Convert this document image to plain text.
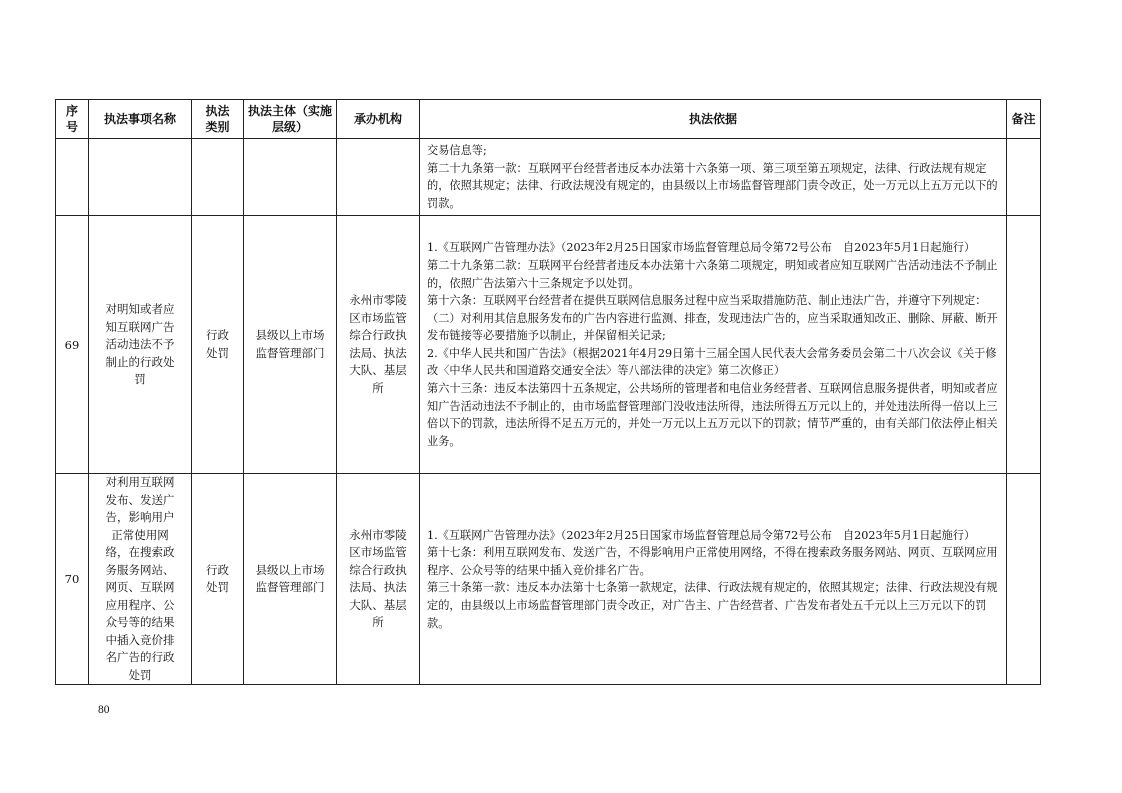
序号	执法事项名称	执法类别	执法主体（实施层级）	承办机构	执法依据	备注

					交易信息等;

第二十九条第一款：互联网平台经营者违反本办法第十六条第一项、第三项至第五项规定，法律、行政法规有规定的，依照其规定；法律、行政法规没有规定的，由县级以上市场监督管理部门责令改正，处一万元以上五万元以下的罚款。	

69	对明知或者应知互联网广告活动违法不予制止的行政处罚	行政处罚	县级以上市场监督管理部门	永州市零陵区市场监管综合行政执法局、执法大队、基层所	1.《互联网广告管理办法》（2023年2月25日国家市场监督管理总局令第72号公布　自2023年5月1日起施行）

第二十九条第二款：互联网平台经营者违反本办法第十六条第二项规定，明知或者应知互联网广告活动违法不予制止的，依照广告法第六十三条规定予以处罚。

第十六条：互联网平台经营者在提供互联网信息服务过程中应当采取措施防范、制止违法广告，并遵守下列规定：（二）对利用其信息服务发布的广告内容进行监测、排查，发现违法广告的，应当采取通知改正、删除、屏蔽、断开发布链接等必要措施予以制止，并保留相关记录;

2.《中华人民共和国广告法》（根据2021年4月29日第十三届全国人民代表大会常务委员会第二十八次会议《关于修改〈中华人民共和国道路交通安全法〉等八部法律的决定》第二次修正）

第六十三条：违反本法第四十五条规定，公共场所的管理者和电信业务经营者、互联网信息服务提供者，明知或者应知广告活动违法不予制止的，由市场监督管理部门没收违法所得，违法所得五万元以上的，并处违法所得一倍以上三倍以下的罚款，违法所得不足五万元的，并处一万元以上五万元以下的罚款；情节严重的，由有关部门依法停止相关业务。	

70	对利用互联网发布、发送广告，影响用户正常使用网络，在搜索政务服务网站、网页、互联网应用程序、公众号等的结果中插入竞价排名广告的行政处罚	行政处罚	县级以上市场监督管理部门	永州市零陵区市场监管综合行政执法局、执法大队、基层所	1.《互联网广告管理办法》（2023年2月25日国家市场监督管理总局令第72号公布　自2023年5月1日起施行）

第十七条：利用互联网发布、发送广告，不得影响用户正常使用网络，不得在搜索政务服务网站、网页、互联网应用程序、公众号等的结果中插入竞价排名广告。

第三十条第一款：违反本办法第十七条第一款规定，法律、行政法规有规定的，依照其规定；法律、行政法规没有规定的，由县级以上市场监督管理部门责令改正，对广告主、广告经营者、广告发布者处五千元以上三万元以下的罚款。	

80
